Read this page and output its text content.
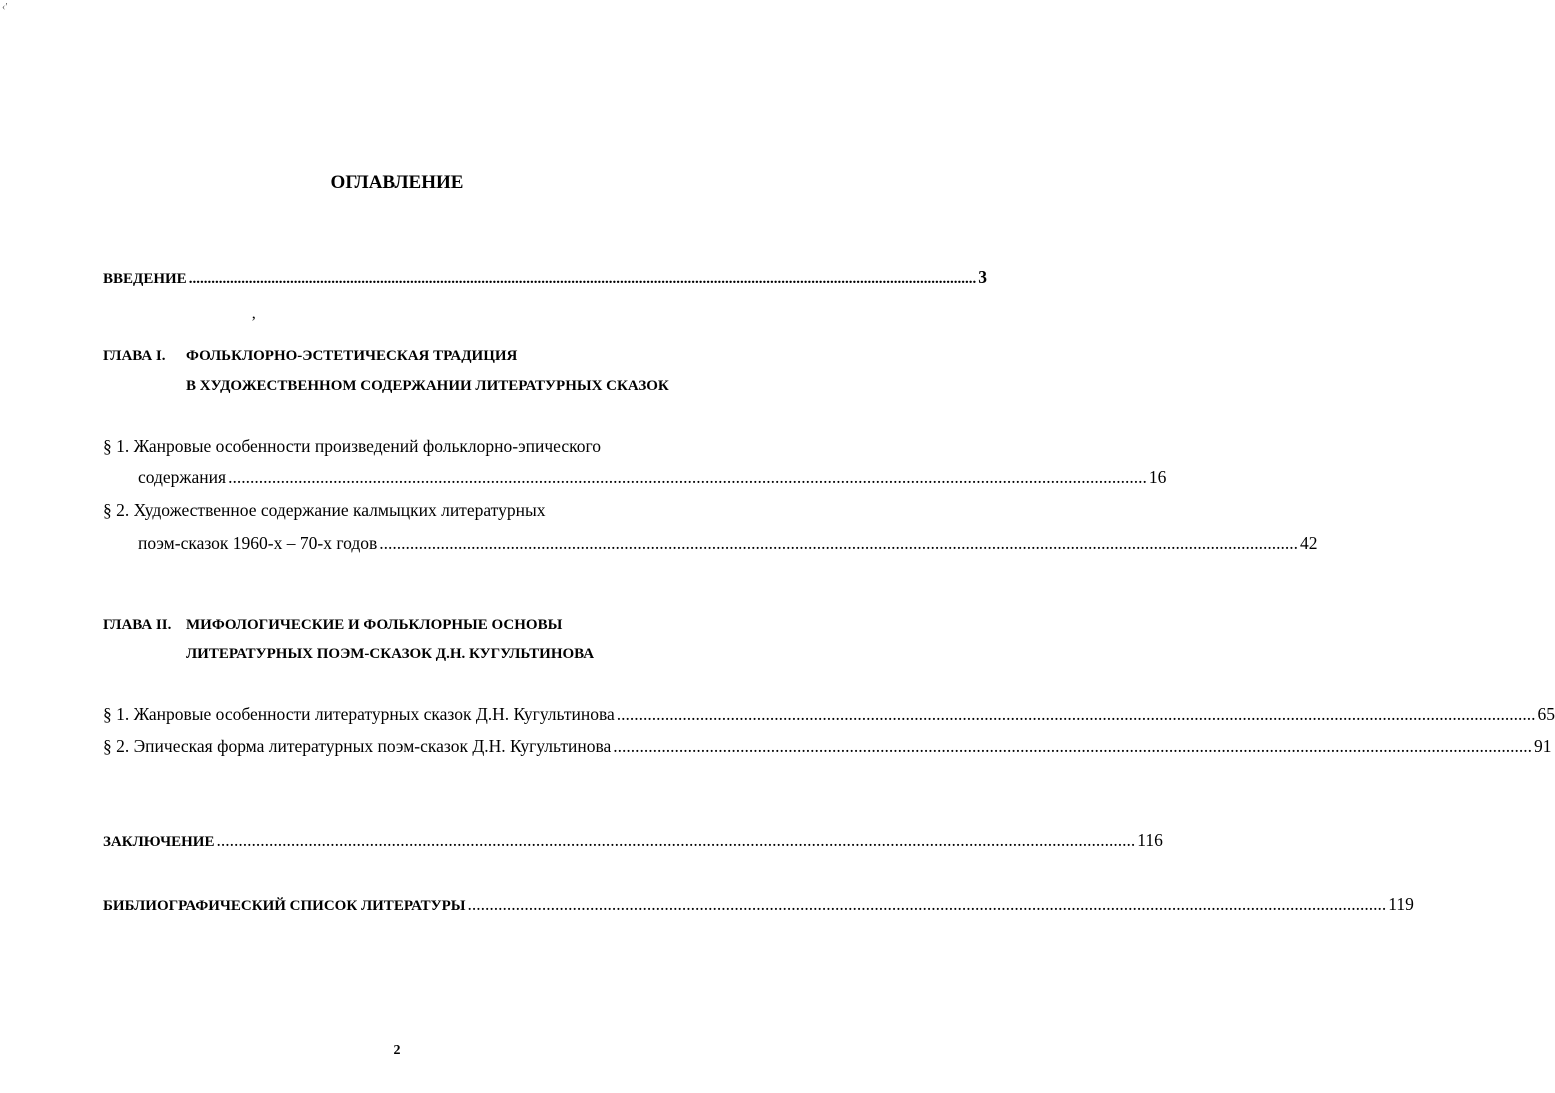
‹ʹ
ОГЛАВЛЕНИЕ
ВВЕДЕНИЕ .................................................................................................................................................................................................................. 3
‚
ГЛАВА I. ФОЛЬКЛОРНО-ЭСТЕТИЧЕСКАЯ ТРАДИЦИЯ
В ХУДОЖЕСТВЕННОМ СОДЕРЖАНИИ ЛИТЕРАТУРНЫХ СКАЗОК
§ 1. Жанровые особенности произведений фольклорно-эпического
содержания .................................................................................................................................................................................................................. 16
§ 2. Художественное содержание калмыцких литературных
поэм-сказок 1960-х – 70-х годов .................................................................................................................................................................................................................. 42
ГЛАВА II. МИФОЛОГИЧЕСКИЕ И ФОЛЬКЛОРНЫЕ ОСНОВЫ
ЛИТЕРАТУРНЫХ ПОЭМ-СКАЗОК Д.Н. КУГУЛЬТИНОВА
§ 1. Жанровые особенности литературных сказок Д.Н. Кугультинова .................................................................................................................................................................................................................. 65
§ 2. Эпическая форма литературных поэм-сказок Д.Н. Кугультинова .................................................................................................................................................................................................................. 91
ЗАКЛЮЧЕНИЕ .................................................................................................................................................................................................................. 116
БИБЛИОГРАФИЧЕСКИЙ СПИСОК ЛИТЕРАТУРЫ .................................................................................................................................................................................................................. 119
2
